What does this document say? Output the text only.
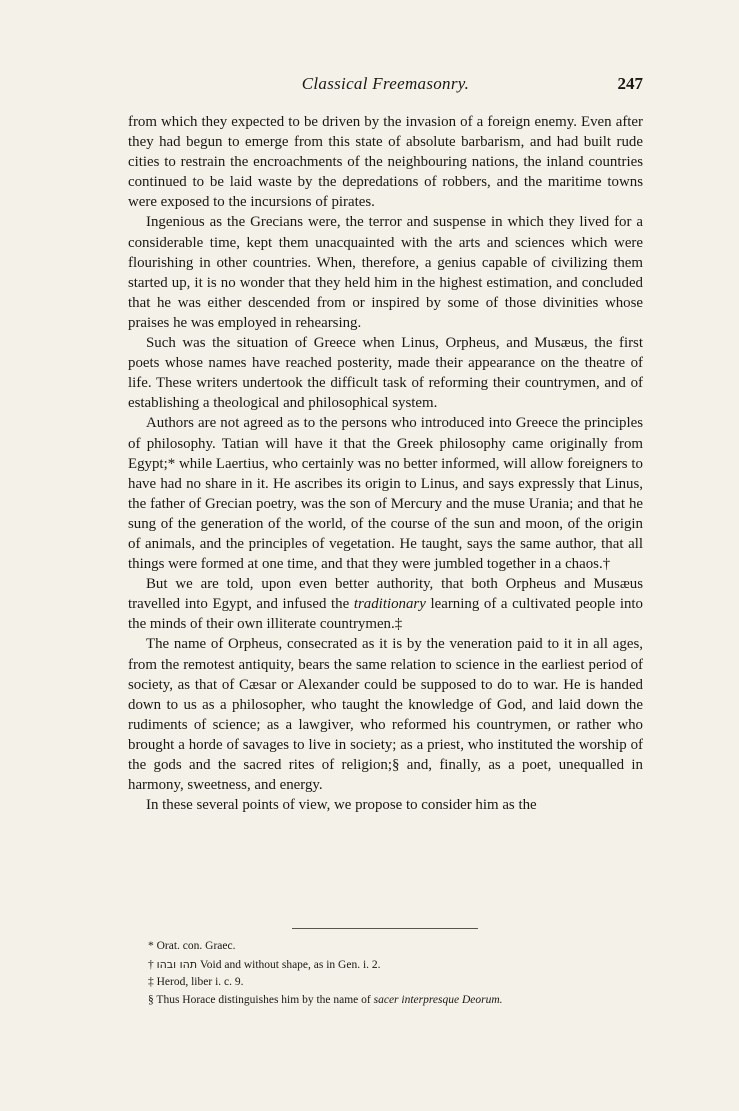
Classical Freemasonry.	247

from which they expected to be driven by the invasion of a foreign enemy. Even after they had begun to emerge from this state of absolute barbarism, and had built rude cities to restrain the encroachments of the neighbouring nations, the inland countries continued to be laid waste by the depredations of robbers, and the maritime towns were exposed to the incursions of pirates.

Ingenious as the Grecians were, the terror and suspense in which they lived for a considerable time, kept them unacquainted with the arts and sciences which were flourishing in other countries. When, therefore, a genius capable of civilizing them started up, it is no wonder that they held him in the highest estimation, and concluded that he was either descended from or inspired by some of those divinities whose praises he was employed in rehearsing.

Such was the situation of Greece when Linus, Orpheus, and Musæus, the first poets whose names have reached posterity, made their appearance on the theatre of life. These writers undertook the difficult task of reforming their countrymen, and of establishing a theological and philosophical system.

Authors are not agreed as to the persons who introduced into Greece the principles of philosophy. Tatian will have it that the Greek philosophy came originally from Egypt;* while Laertius, who certainly was no better informed, will allow foreigners to have had no share in it. He ascribes its origin to Linus, and says expressly that Linus, the father of Grecian poetry, was the son of Mercury and the muse Urania; and that he sung of the generation of the world, of the course of the sun and moon, of the origin of animals, and the principles of vegetation. He taught, says the same author, that all things were formed at one time, and that they were jumbled together in a chaos.†

But we are told, upon even better authority, that both Orpheus and Musæus travelled into Egypt, and infused the traditionary learning of a cultivated people into the minds of their own illiterate countrymen.‡

The name of Orpheus, consecrated as it is by the veneration paid to it in all ages, from the remotest antiquity, bears the same relation to science in the earliest period of society, as that of Cæsar or Alexander could be supposed to do to war. He is handed down to us as a philosopher, who taught the knowledge of God, and laid down the rudiments of science; as a lawgiver, who reformed his countrymen, or rather who brought a horde of savages to live in society; as a priest, who instituted the worship of the gods and the sacred rites of religion;§ and, finally, as a poet, unequalled in harmony, sweetness, and energy.

In these several points of view, we propose to consider him as the

* Orat. con. Graec.
† תהו ובהו Void and without shape, as in Gen. i. 2.
‡ Herod, liber i. c. 9.
§ Thus Horace distinguishes him by the name of sacer interpresque Deorum.
